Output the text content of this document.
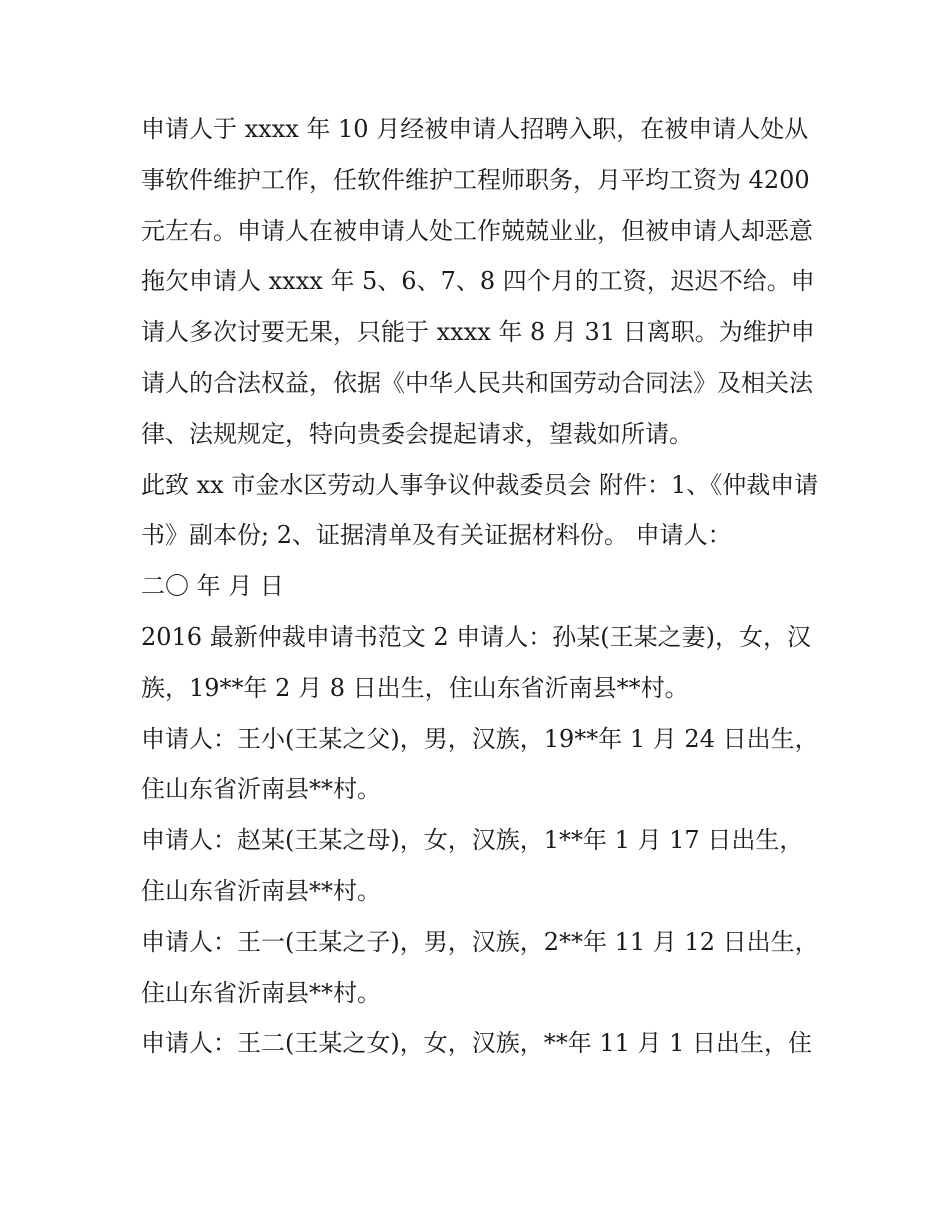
申请人于 xxxx 年 10 月经被申请人招聘入职，在被申请人处从事软件维护工作，任软件维护工程师职务，月平均工资为 4200 元左右。申请人在被申请人处工作兢兢业业，但被申请人却恶意拖欠申请人 xxxx 年 5、6、7、8 四个月的工资，迟迟不给。申请人多次讨要无果，只能于 xxxx 年 8 月 31 日离职。为维护申请人的合法权益，依据《中华人民共和国劳动合同法》及相关法律、法规规定，特向贵委会提起请求，望裁如所请。

此致 xx 市金水区劳动人事争议仲裁委员会 附件：1、《仲裁申请书》副本份; 2、证据清单及有关证据材料份。 申请人：

二〇 年 月 日

2016 最新仲裁申请书范文 2 申请人：孙某(王某之妻)，女，汉族，19**年 2 月 8 日出生，住山东省沂南县**村。

申请人：王小(王某之父)，男，汉族，19**年 1 月 24 日出生，住山东省沂南县**村。

申请人：赵某(王某之母)，女，汉族，1**年 1 月 17 日出生，住山东省沂南县**村。

申请人：王一(王某之子)，男，汉族，2**年 11 月 12 日出生，住山东省沂南县**村。

申请人：王二(王某之女)，女，汉族，**年 11 月 1 日出生，住
